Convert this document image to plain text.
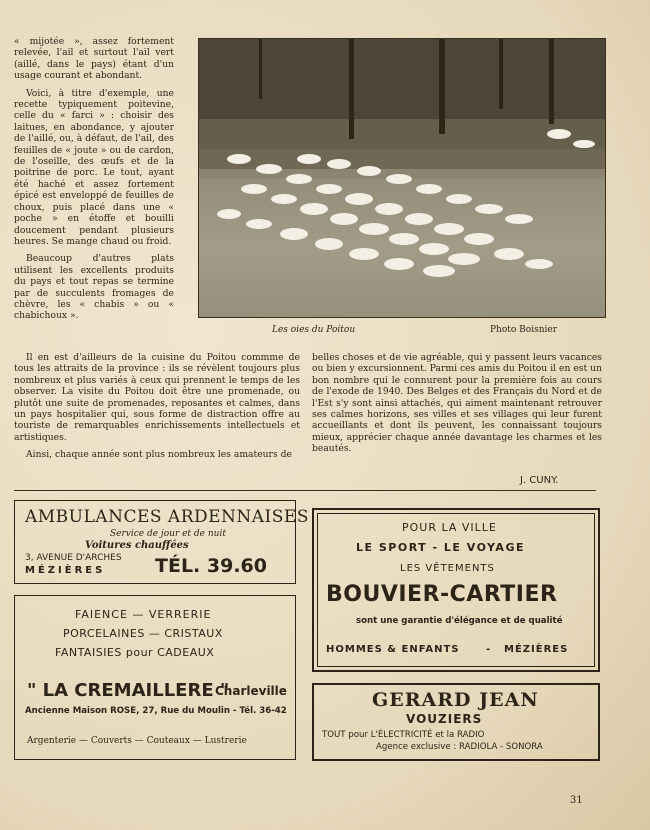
« mijotée », assez fortement relevée, l'ail et surtout l'ail vert (aillé, dans le pays) étant d'un usage courant et abondant.

Voici, à titre d'exemple, une recette typiquement poitevine, celle du « farci » : choisir des laitues, en abondance, y ajouter de l'aillé, ou, à défaut, de l'ail, des feuilles de « joute » ou de cardon, de l'oseille, des œufs et de la poitrine de porc. Le tout, ayant été haché et assez fortement épicé est enveloppé de feuilles de choux, puis placé dans une « poche » en étoffe et bouilli doucement pendant plusieurs heures. Se mange chaud ou froid.

Beaucoup d'autres plats utilisent les excellents produits du pays et tout repas se termine par de succulents fromages de chèvre, les « chabis » ou « chabichoux ».

Les oies du Poitou	Photo Boisnier

Il en est d'ailleurs de la cuisine du Poitou commme de tous les attraits de la province : ils se révèlent toujours plus nombreux et plus variés à ceux qui prennent le temps de les observer. La visite du Poitou doit être une promenade, ou plutôt une suite de promenades, reposantes et calmes, dans un pays hospitalier qui, sous forme de distraction offre au touriste de remarquables enrichissements intellectuels et artistiques.

Ainsi, chaque année sont plus nombreux les amateurs de

belles choses et de vie agréable, qui y passent leurs vacances ou bien y excursionnent. Parmi ces amis du Poitou il en est un bon nombre qui le connurent pour la première fois au cours de l'exode de 1940. Des Belges et des Français du Nord et de l'Est s'y sont ainsi attachés, qui aiment maintenant retrouver ses calmes horizons, ses villes et ses villages qui leur furent accueillants et dont ils peuvent, les connaissant toujours mieux, apprécier chaque année davantage les charmes et les beautés.

J. CUNY.
AMBULANCES ARDENNAISES
Service de jour et de nuit
Voitures chauffées
3, AVENUE D'ARCHES
MÉZIÈRES	TÉL. 39.60
FAIENCE — VERRERIE
PORCELAINES — CRISTAUX
FANTAISIES pour CADEAUX
" LA CREMAILLERE "
Charleville
Ancienne Maison ROSE, 27, Rue du Moulin - Tél. 36-42
Argenterie — Couverts — Couteaux — Lustrerie
POUR LA VILLE
LE SPORT - LE VOYAGE
LES VÊTEMENTS
BOUVIER-CARTIER
sont une garantie d'élégance et de qualité
HOMMES & ENFANTS	- MÉZIÈRES
GERARD JEAN
VOUZIERS
TOUT pour L'ÉLECTRICITÉ et la RADIO
Agence exclusive : RADIOLA - SONORA
31
